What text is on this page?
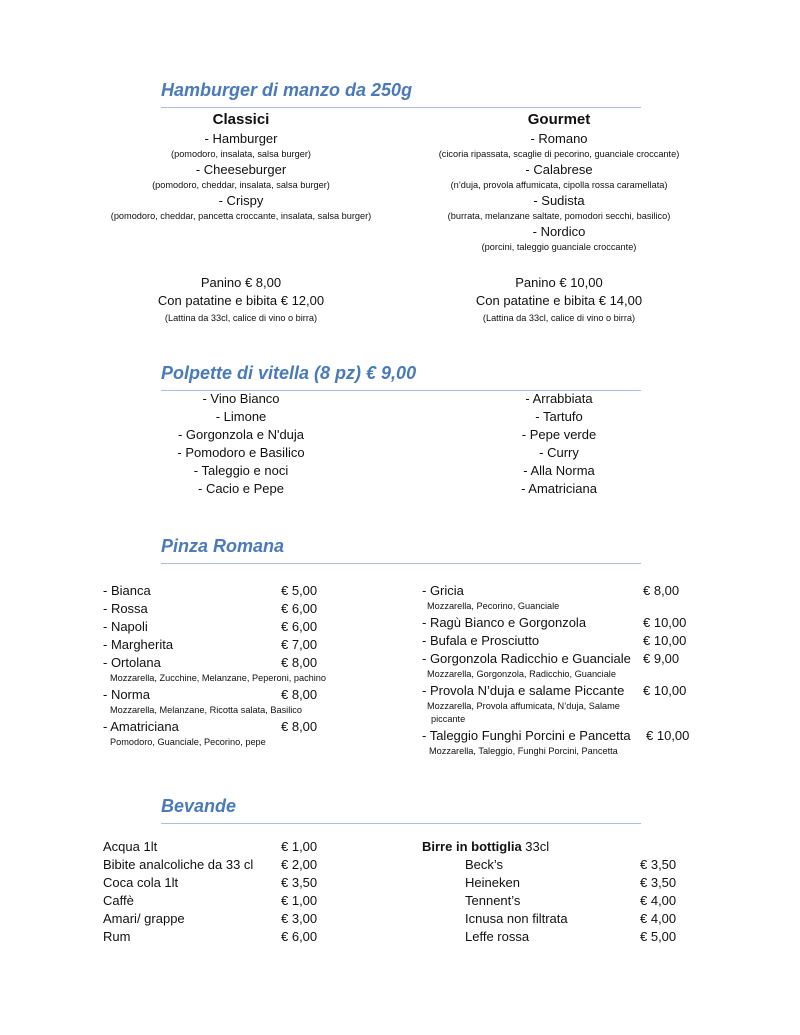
Hamburger di manzo da 250g
Classici
- Hamburger
(pomodoro, insalata, salsa burger)
- Cheeseburger
(pomodoro, cheddar, insalata, salsa burger)
- Crispy
(pomodoro, cheddar, pancetta croccante, insalata, salsa burger)
Panino € 8,00
Con patatine e bibita € 12,00
(Lattina da 33cl, calice di vino o birra)
Gourmet
- Romano
(cicoria ripassata, scaglie di pecorino, guanciale croccante)
- Calabrese
(n’duja, provola affumicata, cipolla rossa caramellata)
- Sudista
(burrata, melanzane saltate, pomodori secchi, basilico)
- Nordico
(porcini, taleggio guanciale croccante)
Panino € 10,00
Con patatine e bibita € 14,00
(Lattina da 33cl, calice di vino o birra)
Polpette di vitella (8 pz) € 9,00
- Vino Bianco
- Limone
- Gorgonzola e N'duja
- Pomodoro e Basilico
- Taleggio e noci
- Cacio e Pepe
- Arrabbiata
- Tartufo
- Pepe verde
- Curry
- Alla Norma
- Amatriciana
Pinza Romana
- Bianca	€ 5,00
- Rossa	€ 6,00
- Napoli	€ 6,00
- Margherita	€ 7,00
- Ortolana	€ 8,00
Mozzarella, Zucchine, Melanzane, Peperoni, pachino
- Norma	€ 8,00
Mozzarella, Melanzane, Ricotta salata, Basilico
- Amatriciana	€ 8,00
Pomodoro, Guanciale, Pecorino, pepe
- Gricia	€ 8,00
Mozzarella, Pecorino, Guanciale
- Ragù Bianco e Gorgonzola	€ 10,00
- Bufala e Prosciutto	€ 10,00
- Gorgonzola Radicchio e Guanciale € 9,00
Mozzarella, Gorgonzola, Radicchio, Guanciale
- Provola N’duja e salame Piccante € 10,00
Mozzarella, Provola affumicata, N’duja, Salame
piccante
- Taleggio Funghi Porcini e Pancetta € 10,00
Mozzarella, Taleggio, Funghi Porcini, Pancetta
Bevande
Acqua 1lt	€ 1,00
Bibite analcoliche da 33 cl € 2,00
Coca cola 1lt	€ 3,50
Caffè	€ 1,00
Amari/ grappe	€ 3,00
Rum	€ 6,00
Birre in bottiglia 33cl
Beck’s	€ 3,50
Heineken	€ 3,50
Tennent’s	€ 4,00
Icnusa non filtrata	€ 4,00
Leffe rossa	€ 5,00
